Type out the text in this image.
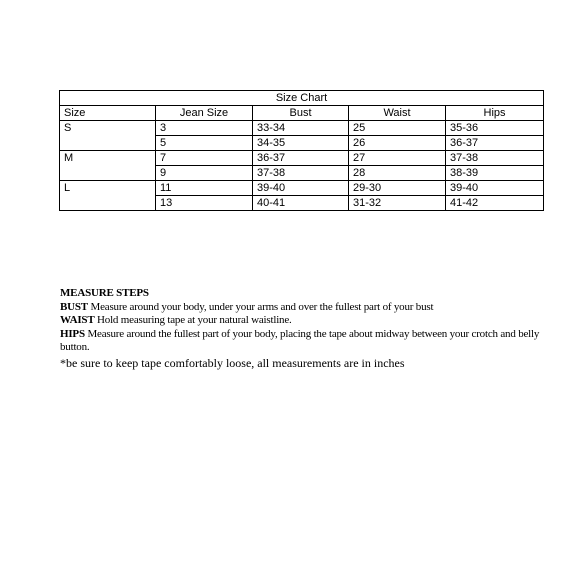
Size Chart				
Size	Jean Size	Bust	Waist	Hips
S	3	33-34	25	35-36
	5	34-35	26	36-37
M	7	36-37	27	37-38
	9	37-38	28	38-39
L	11	39-40	29-30	39-40
	13	40-41	31-32	41-42
MEASURE STEPS
BUST Measure around your body, under your arms and over the fullest part of your bust
WAIST Hold measuring tape at your natural waistline.
HIPS Measure around the fullest part of your body, placing the tape about midway between your crotch and belly button.
*be sure to keep tape comfortably loose, all measurements are in inches
